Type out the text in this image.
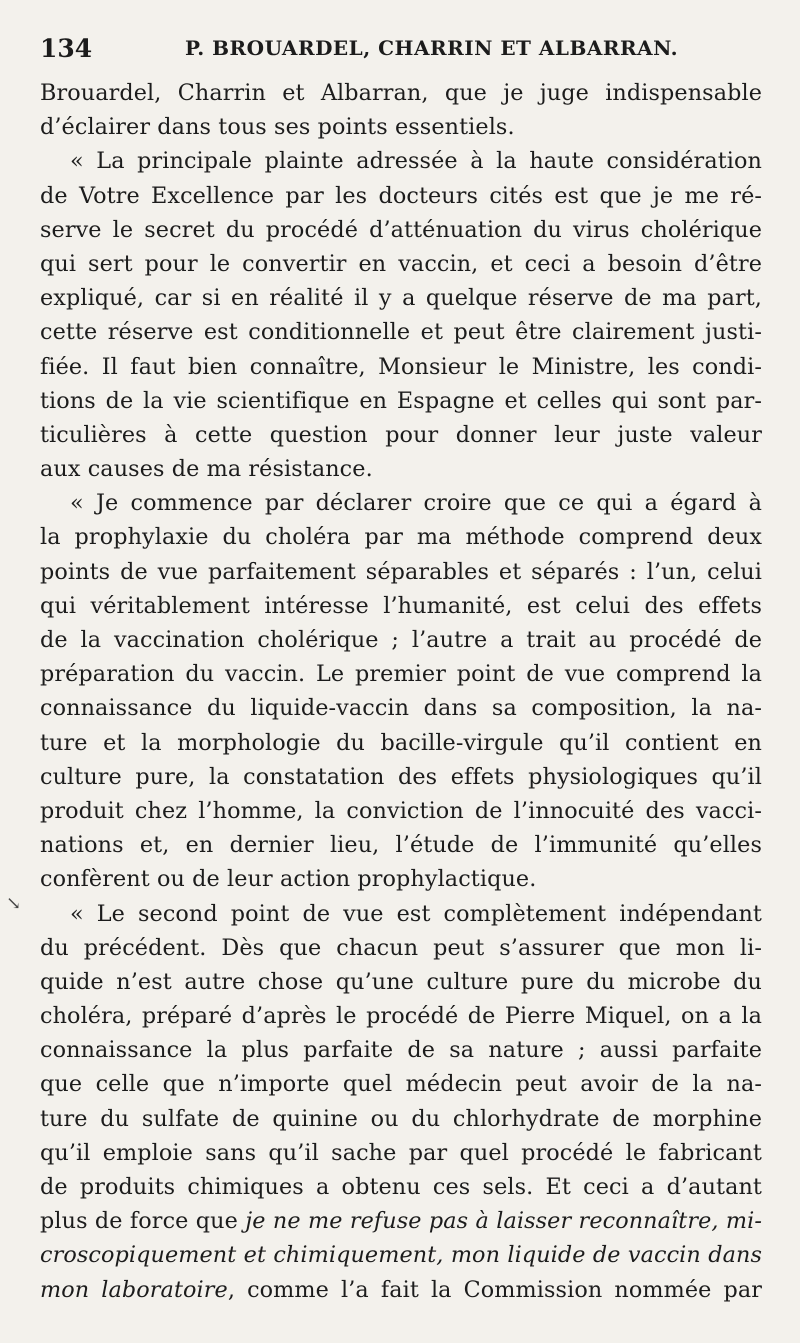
134	P. BROUARDEL, CHARRIN ET ALBARRAN.
Brouardel, Charrin et Albarran, que je juge indispensable
d’éclairer dans tous ses points essentiels.
« La principale plainte adressée à la haute considération
de Votre Excellence par les docteurs cités est que je me ré-
serve le secret du procédé d’atténuation du virus cholérique
qui sert pour le convertir en vaccin, et ceci a besoin d’être
expliqué, car si en réalité il y a quelque réserve de ma part,
cette réserve est conditionnelle et peut être clairement justi-
fiée. Il faut bien connaître, Monsieur le Ministre, les condi-
tions de la vie scientifique en Espagne et celles qui sont par-
ticulières à cette question pour donner leur juste valeur
aux causes de ma résistance.
« Je commence par déclarer croire que ce qui a égard à
la prophylaxie du choléra par ma méthode comprend deux
points de vue parfaitement séparables et séparés : l’un, celui
qui véritablement intéresse l’humanité, est celui des effets
de la vaccination cholérique ; l’autre a trait au procédé de
préparation du vaccin. Le premier point de vue comprend la
connaissance du liquide-vaccin dans sa composition, la na-
ture et la morphologie du bacille-virgule qu’il contient en
culture pure, la constatation des effets physiologiques qu’il
produit chez l’homme, la conviction de l’innocuité des vacci-
nations et, en dernier lieu, l’étude de l’immunité qu’elles
confèrent ou de leur action prophylactique.
« Le second point de vue est complètement indépendant
du précédent. Dès que chacun peut s’assurer que mon li-
quide n’est autre chose qu’une culture pure du microbe du
choléra, préparé d’après le procédé de Pierre Miquel, on a la
connaissance la plus parfaite de sa nature ; aussi parfaite
que celle que n’importe quel médecin peut avoir de la na-
ture du sulfate de quinine ou du chlorhydrate de morphine
qu’il emploie sans qu’il sache par quel procédé le fabricant
de produits chimiques a obtenu ces sels. Et ceci a d’autant
plus de force que je ne me refuse pas à laisser reconnaître, mi-
croscopiquement et chimiquement, mon liquide de vaccin dans
mon laboratoire, comme l’a fait la Commission nommée par
↘
